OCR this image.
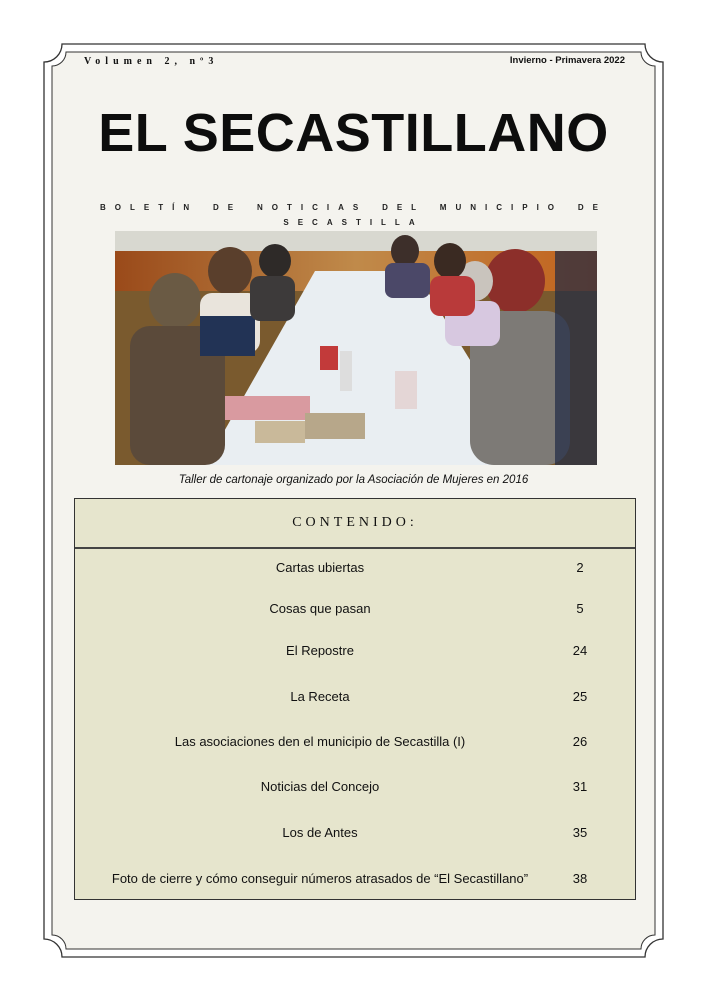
Volumen 2, nº3	Invierno - Primavera 2022
EL SECASTILLANO
BOLETÍN DE NOTICIAS DEL MUNICIPIO DE SECASTILLA
Taller de cartonaje organizado por la Asociación de Mujeres en 2016
CONTENIDO:
Cartas ubiertas	2
Cosas que pasan	5
El Repostre	24
La Receta	25
Las asociaciones den el municipio de Secastilla (I)	26
Noticias del Concejo	31
Los de Antes	35
Foto de cierre y cómo conseguir números atrasados de “El Secastillano”	38
